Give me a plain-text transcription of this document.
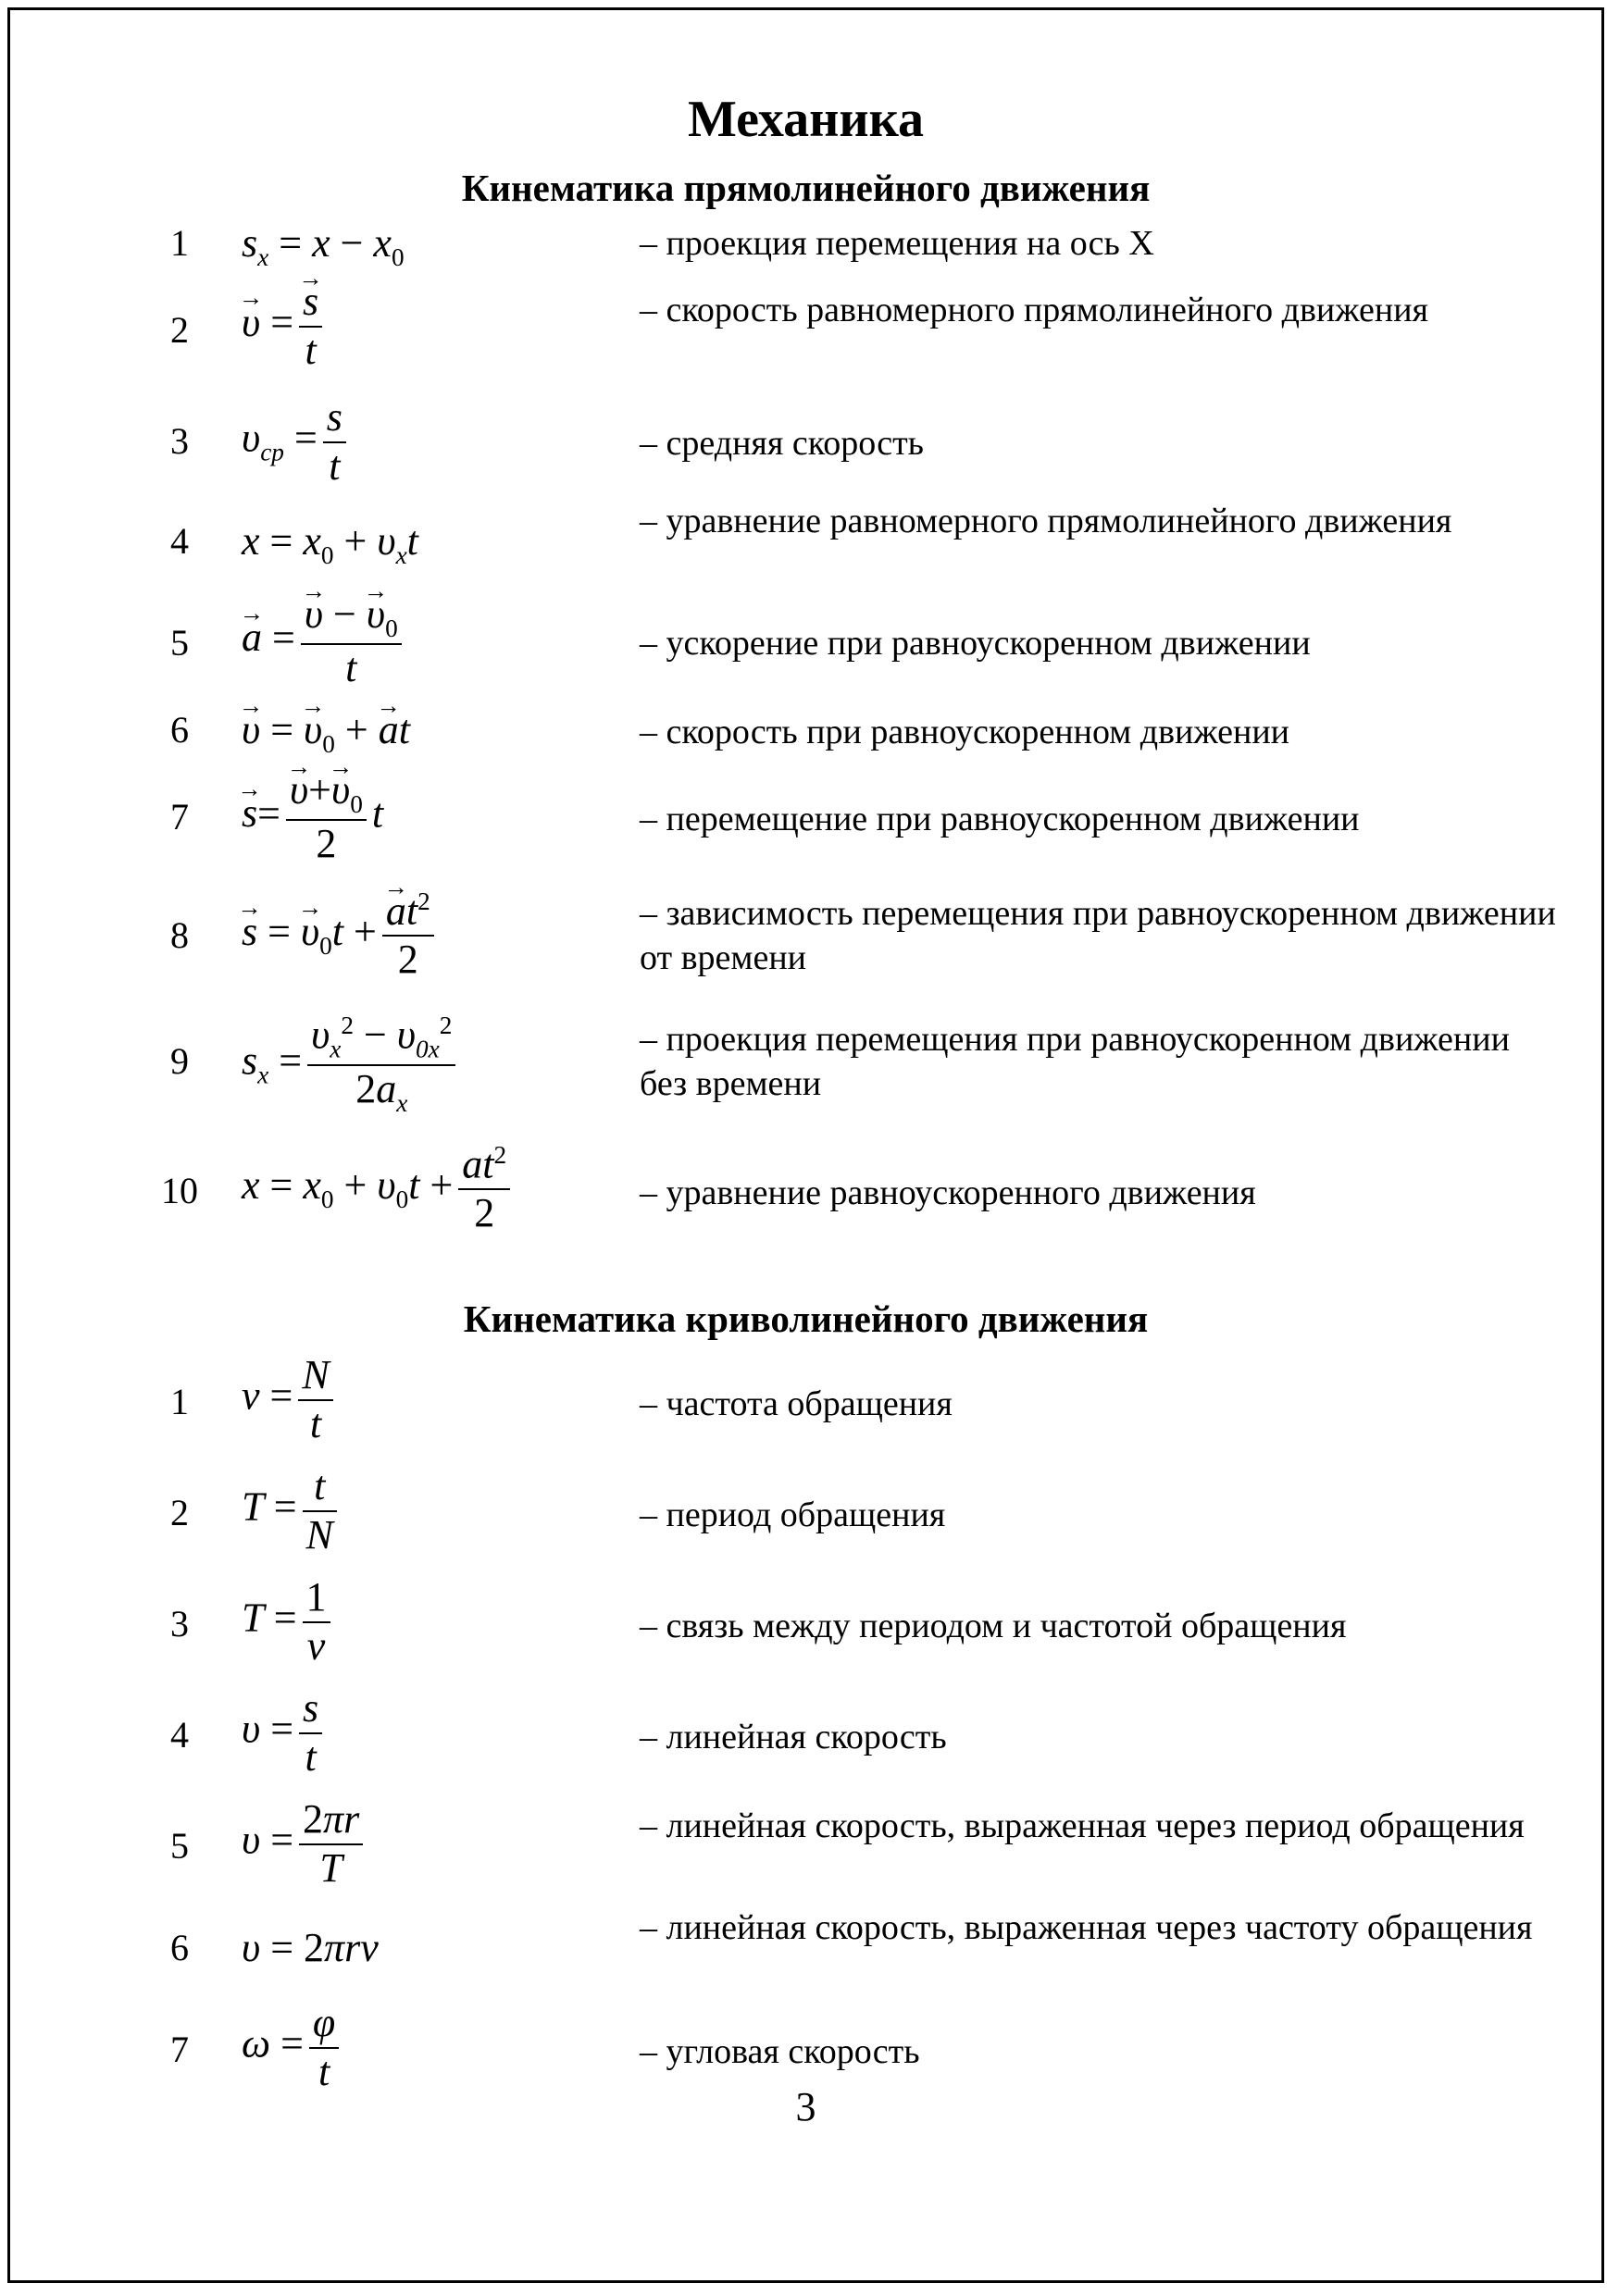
Механика
Кинематика прямолинейного движения
1	$s_x = x - x_0$	– проекция перемещения на ось X
2
→	υ =
→ $\frac{s}{t}$	– скорость равномерного прямолинейного движения
3	$\upsilon_{cp} = \frac{s}{t}$	– средняя скорость
4	$x = x_0 + \upsilon_xt$	– уравнение равномерного прямолинейного движения
5
→	a =
→ $\frac{\upsilon - \to \upsilon_0}{t}$	– ускорение при равноускоренном движении
6
→	υ = → $\upsilon_0$ + → at	– скорость при равноускоренном движении
7
→	s=
→ $\frac{\upsilon+\to \upsilon_0}{2}$ t	– перемещение при равноускоренном движении
8
→	s = → $\upsilon_0t$ +
→ $\frac{at^2}{2}$	– зависимость перемещения при равноускоренном движении от времени
9	$s_x = \frac{\upsilon_x^2 - \upsilon_{0x}^2}{2a_x}$	– проекция перемещения при равноускоренном движении без времени
10	$x = x_0 + \upsilon_0t + \frac{at^2}{2}$	– уравнение равноускоренного движения
Кинематика криволинейного движения
1	$\nu = \frac{N}{t}$	– частота обращения
2	$T = \frac{t}{N}$	– период обращения
3	$T = \frac{1}{\nu}$	– связь между периодом и частотой обращения
4	$\upsilon = \frac{s}{t}$	– линейная скорость
5	$\upsilon = \frac{2\pi r}{T}$	– линейная скорость, выраженная через период обращения
6	υ = 2πrν	– линейная скорость, выраженная через частоту обращения
7	$\omega = \frac{\varphi}{t}$	– угловая скорость
3
